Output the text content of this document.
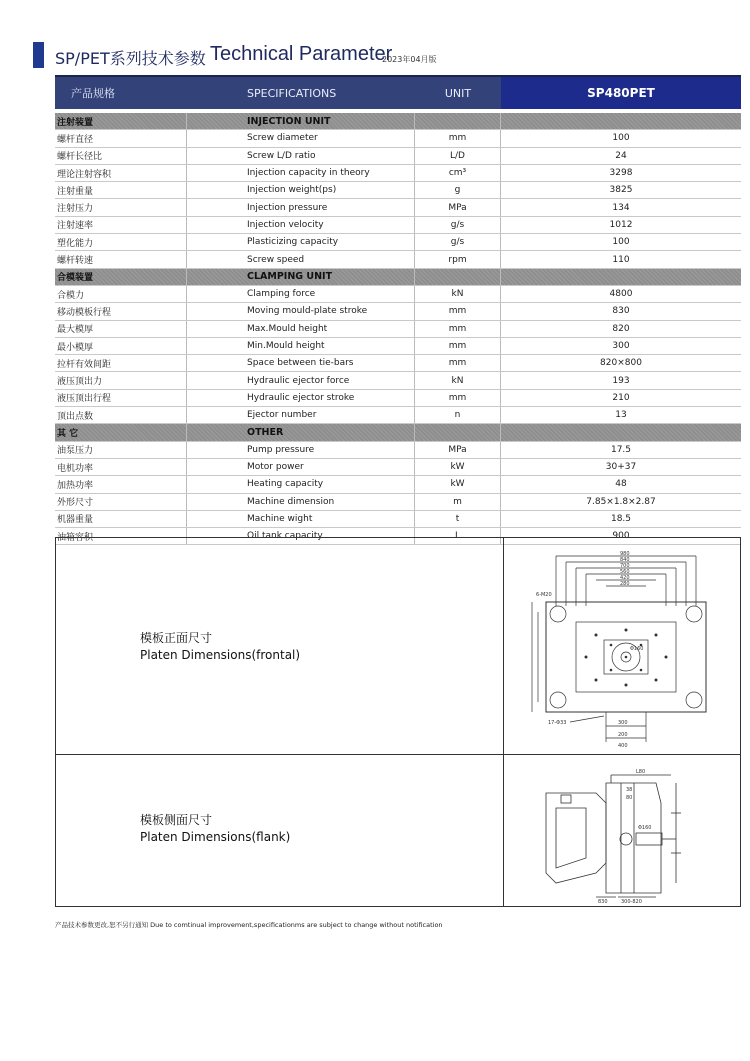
SP/PET系列技术参数 Technical Parameter
2023年04月版
产品规格	SPECIFICATIONS	UNIT	SP480PET
注射装置	INJECTION UNIT
螺杆直径	Screw diameter	mm	100
螺杆长径比	Screw L/D ratio	L/D	24
理论注射容积	Injection capacity in theory	cm³	3298
注射重量	Injection weight(ps)	g	3825
注射压力	Injection pressure	MPa	134
注射速率	Injection velocity	g/s	1012
塑化能力	Plasticizing capacity	g/s	100
螺杆转速	Screw speed	rpm	110
合模装置	CLAMPING UNIT
合模力	Clamping force	kN	4800
移动模板行程	Moving mould-plate stroke	mm	830
最大模厚	Max.Mould height	mm	820
最小模厚	Min.Mould height	mm	300
拉杆有效间距	Space between tie-bars	mm	820×800
液压顶出力	Hydraulic ejector force	kN	193
液压顶出行程	Hydraulic ejector stroke	mm	210
顶出点数	Ejector number	n	13
其 它	OTHER
油泵压力	Pump pressure	MPa	17.5
电机功率	Motor power	kW	30+37
加热功率	Heating capacity	kW	48
外形尺寸	Machine dimension	m	7.85×1.8×2.87
机器重量	Machine wight	t	18.5
油箱容积	Oil tank capacity	L	900
模板正面尺寸
Platen Dimensions(frontal)
980
840
700
560
420
280
6-M20
17-Φ33	300
200
400
Φ160
模板侧面尺寸
Platen Dimensions(flank)
L80
38
80
Φ160
830	300-820
产品技术参数更改,恕不另行通知 Due to comtinual improvement,specificationms are subject to change without notification
